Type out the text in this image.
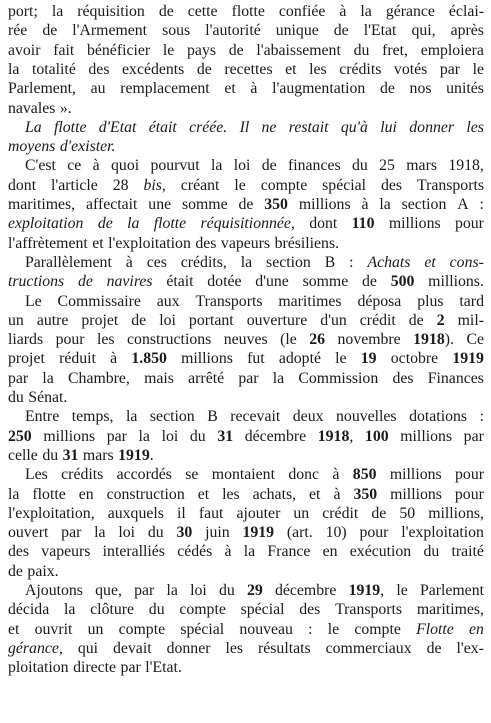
port; la réquisition de cette flotte confiée à la gérance éclai-
rée de l'Armement sous l'autorité unique de l'Etat qui, après
avoir fait bénéficier le pays de l'abaissement du fret, emploiera
la totalité des excédents de recettes et les crédits votés par le
Parlement, au remplacement et à l'augmentation de nos unités
navales ».
La flotte d'Etat était créée. Il ne restait qu'à lui donner les
moyens d'exister.
C'est ce à quoi pourvut la loi de finances du 25 mars 1918,
dont l'article 28 bis, créant le compte spécial des Transports
maritimes, affectait une somme de 350 millions à la section A :
exploitation de la flotte réquisitionnée, dont 110 millions pour
l'affrètement et l'exploitation des vapeurs brésiliens.
Parallèlement à ces crédits, la section B : Achats et cons-
tructions de navires était dotée d'une somme de 500 millions.
Le Commissaire aux Transports maritimes déposa plus tard
un autre projet de loi portant ouverture d'un crédit de 2 mil-
liards pour les constructions neuves (le 26 novembre 1918). Ce
projet réduit à 1.850 millions fut adopté le 19 octobre 1919
par la Chambre, mais arrêté par la Commission des Finances
du Sénat.
Entre temps, la section B recevait deux nouvelles dotations :
250 millions par la loi du 31 décembre 1918, 100 millions par
celle du 31 mars 1919.
Les crédits accordés se montaient donc à 850 millions pour
la flotte en construction et les achats, et à 350 millions pour
l'exploitation, auxquels il faut ajouter un crédit de 50 millions,
ouvert par la loi du 30 juin 1919 (art. 10) pour l'exploitation
des vapeurs interalliés cédés à la France en exécution du traité
de paix.
Ajoutons que, par la loi du 29 décembre 1919, le Parlement
décida la clôture du compte spécial des Transports maritimes,
et ouvrit un compte spécial nouveau : le compte Flotte en
gérance, qui devait donner les résultats commerciaux de l'ex-
ploitation directe par l'Etat.
